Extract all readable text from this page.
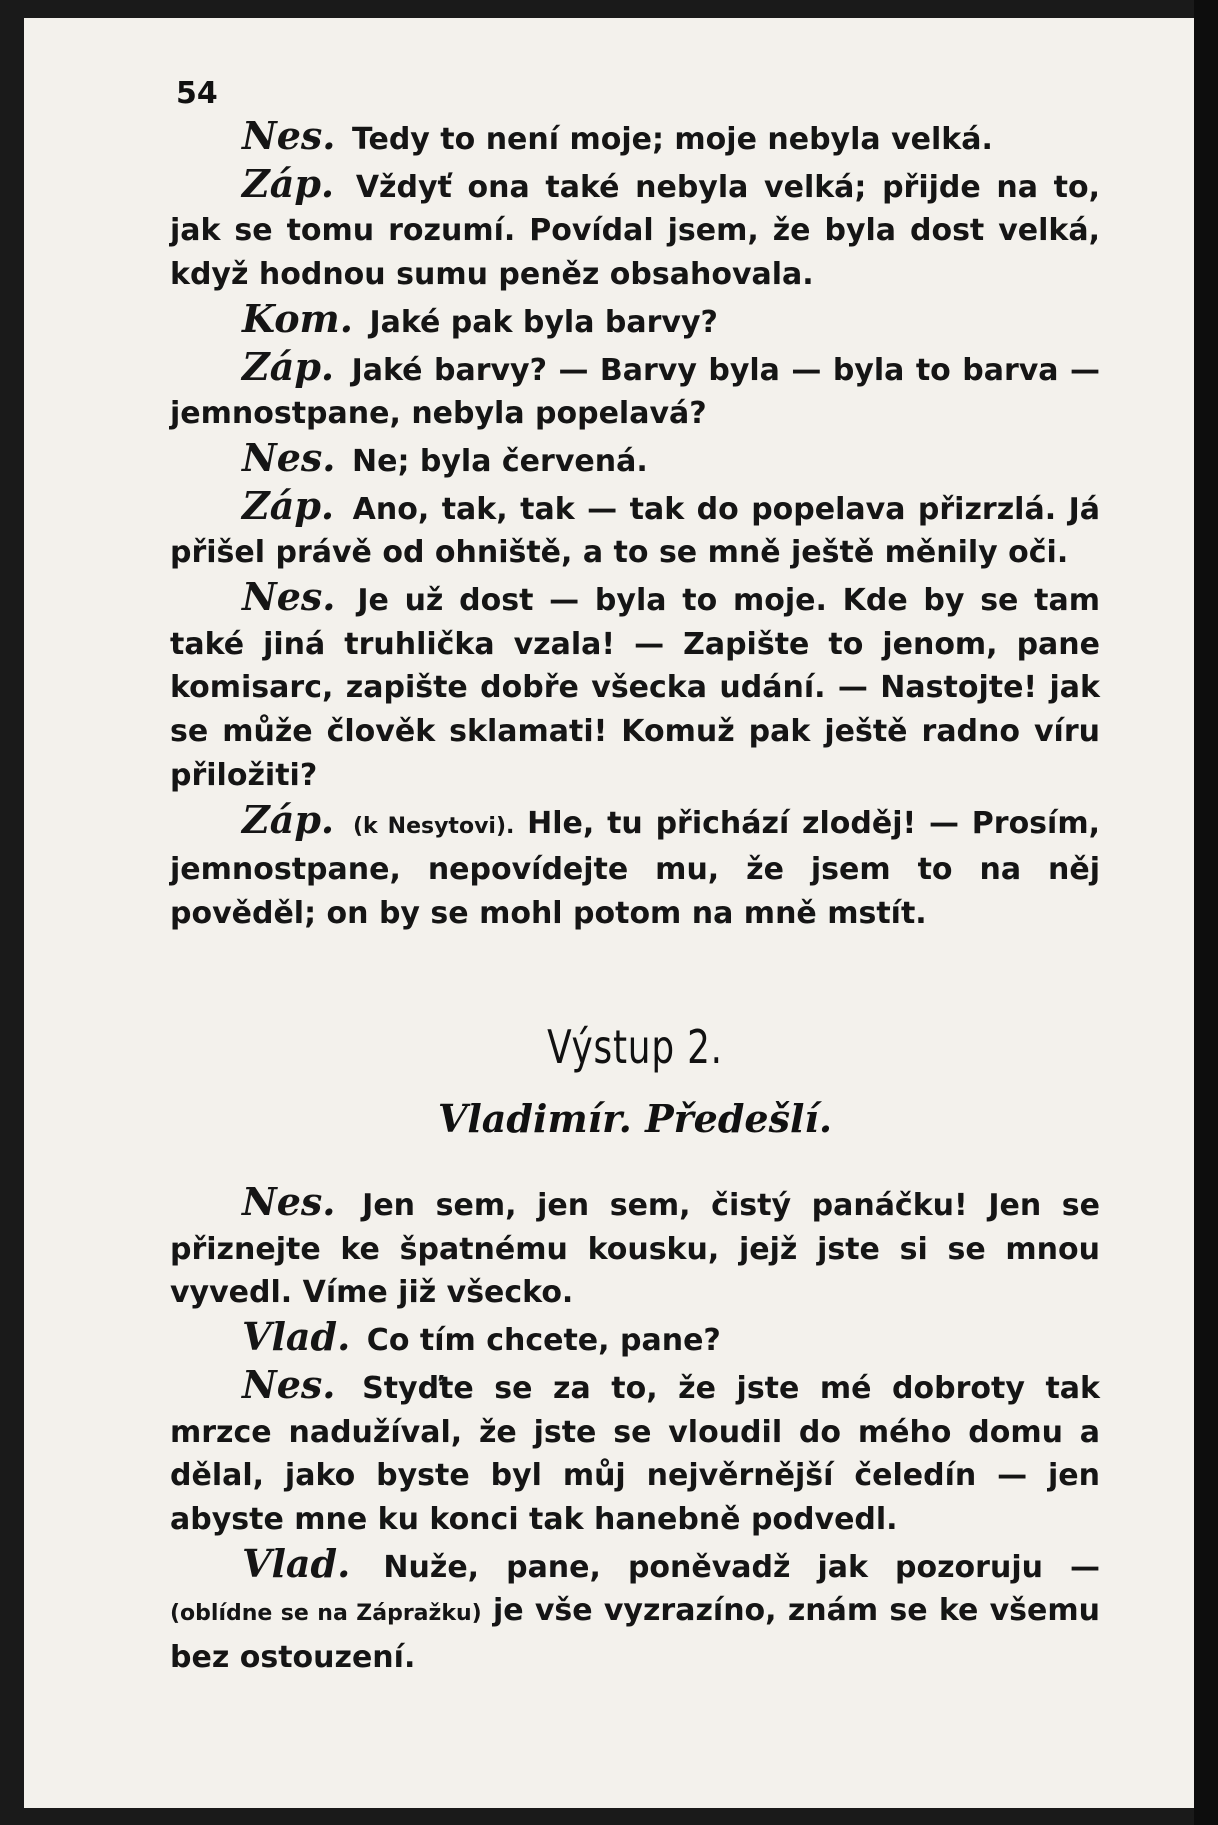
54

Nes. Tedy to není moje; moje nebyla velká.

Záp. Vždyť ona také nebyla velká; přijde na to, jak se tomu rozumí. Povídal jsem, že byla dost velká, když hodnou sumu peněz obsahovala.

Kom. Jaké pak byla barvy?

Záp. Jaké barvy? — Barvy byla — byla to barva — jemnostpane, nebyla popelavá?

Nes. Ne; byla červená.

Záp. Ano, tak, tak — tak do popelava přizrzlá. Já přišel právě od ohniště, a to se mně ještě měnily oči.

Nes. Je už dost — byla to moje. Kde by se tam také jiná truhlička vzala! — Zapište to jenom, pane komisarc, zapište dobře všecka udání. — Nastojte! jak se může člověk sklamati! Komuž pak ještě radno víru přiložiti?

Záp. (k Nesytovi). Hle, tu přichází zloděj! — Prosím, jemnostpane, nepovídejte mu, že jsem to na něj pověděl; on by se mohl potom na mně mstít.

Výstup 2.
Vladimír. Předešlí.

Nes. Jen sem, jen sem, čistý panáčku! Jen se přiznejte ke špatnému kousku, jejž jste si se mnou vyvedl. Víme již všecko.

Vlad. Co tím chcete, pane?

Nes. Styďte se za to, že jste mé dobroty tak mrzce nadužíval, že jste se vloudil do mého domu a dělal, jako byste byl můj nejvěrnější čeledín — jen abyste mne ku konci tak hanebně podvedl.

Vlad. Nuže, pane, poněvadž jak pozoruju — (oblídne se na Zápražku) je vše vyzrazíno, znám se ke všemu bez ostouzení.
